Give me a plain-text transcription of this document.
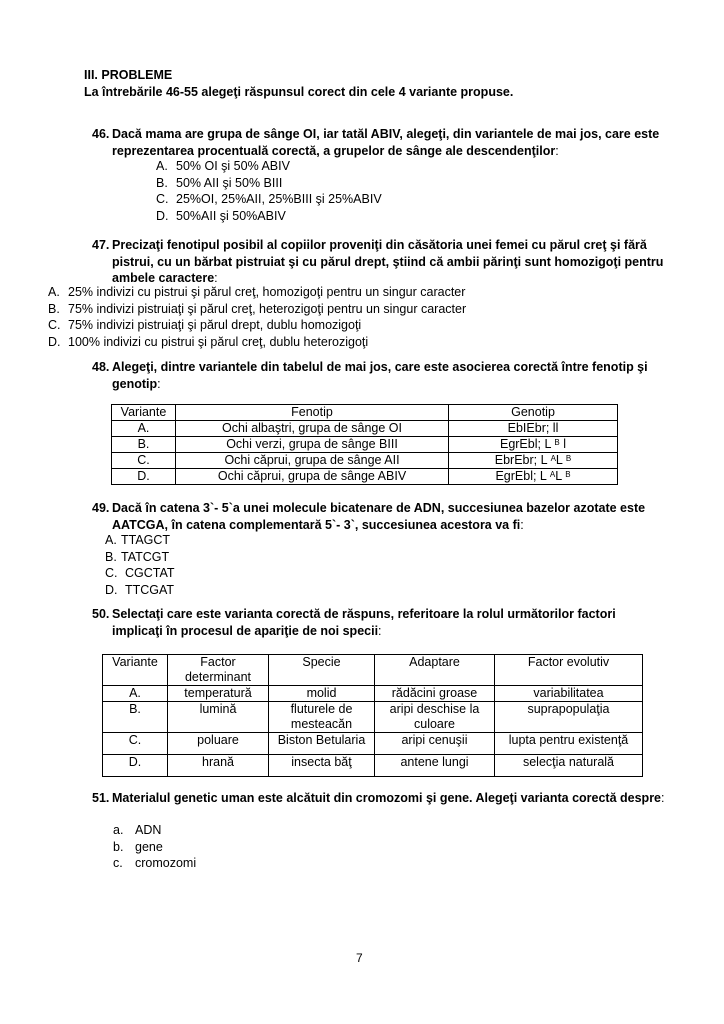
III. PROBLEME
La întrebările 46-55 alegeţi răspunsul corect din cele 4 variante propuse.
46. Dacă mama are grupa de sânge OI, iar tatăl ABIV, alegeţi, din variantele de mai jos, care este reprezentarea procentuală corectă, a grupelor de sânge ale descendenţilor:
A. 50% OI şi 50% ABIV
B. 50% AII şi 50% BIII
C. 25%OI, 25%AII, 25%BIII şi 25%ABIV
D. 50%AII şi 50%ABIV
47. Precizaţi fenotipul posibil al copiilor proveniţi din căsătoria unei femei cu părul creţ şi fără pistrui, cu un bărbat pistruiat şi cu părul drept, ştiind că ambii părinţi sunt homozigoţi pentru ambele caractere:
A. 25% indivizi cu pistrui şi părul creţ, homozigoţi pentru un singur caracter
B. 75% indivizi pistruiaţi şi părul creţ, heterozigoţi pentru un singur caracter
C. 75% indivizi pistruiaţi şi părul drept, dublu homozigoţi
D. 100% indivizi cu pistrui şi părul creţ, dublu heterozigoţi
48. Alegeţi, dintre variantele din tabelul de mai jos, care este asocierea corectă între fenotip şi genotip:
Variante	Fenotip	Genotip
A.	Ochi albaştri, grupa de sânge OI	EbIEbr; ll
B.	Ochi verzi, grupa de sânge BIII	EgrEbl; L $^B$ l
C.	Ochi căprui, grupa de sânge AII	EbrEbr; L $^A$L $^B$
D.	Ochi căprui, grupa de sânge ABIV	EgrEbl; L $^A$L $^B$
49. Dacă în catena 3`- 5`a unei molecule bicatenare de ADN, succesiunea bazelor azotate este AATCGA, în catena complementară 5`- 3`, succesiunea acestora va fi:
A. TTAGCT
B. TATCGT
C. CGCTAT
D. TTCGAT
50. Selectaţi care este varianta corectă de răspuns, referitoare la rolul următorilor factori implicaţi în procesul de apariţie de noi specii:
Variante	Factor determinant	Specie	Adaptare	Factor evolutiv
A.	temperatură	molid	rădăcini groase	variabilitatea
B.	lumină	fluturele de mesteacăn	aripi deschise la culoare	suprapopulaţia
C.	poluare	Biston Betularia	aripi cenuşii	lupta pentru existenţă
D.	hrană	insecta băţ	antene lungi	selecţia naturală
51. Materialul genetic uman este alcătuit din cromozomi şi gene. Alegeţi varianta corectă despre:
a. ADN
b. gene
c. cromozomi
7
